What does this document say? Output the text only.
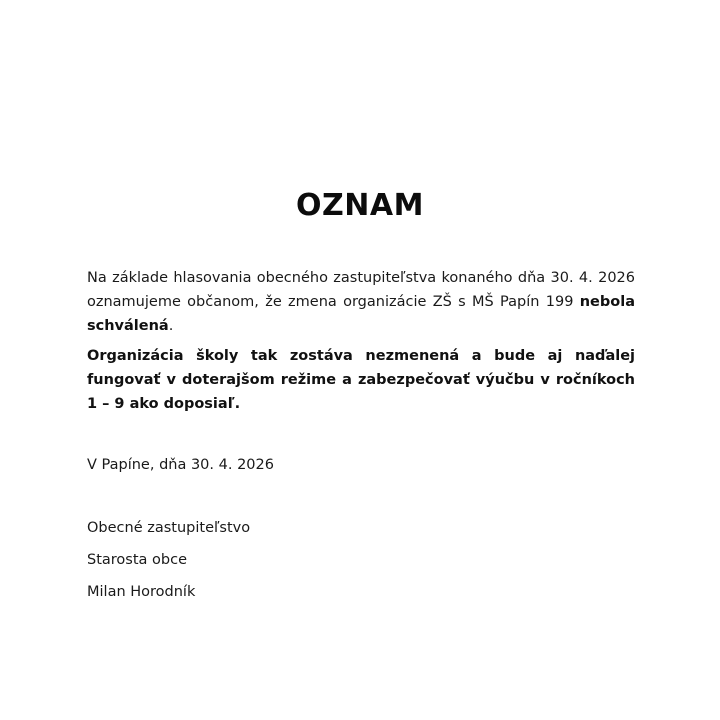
OZNAM

Na základe hlasovania obecného zastupiteľstva konaného dňa 30. 4. 2026 oznamujeme občanom, že zmena organizácie ZŠ s MŠ Papín 199 nebola schválená.

Organizácia školy tak zostáva nezmenená a bude aj naďalej fungovať v doterajšom režime a zabezpečovať výučbu v ročníkoch 1 – 9 ako doposiaľ.

V Papíne, dňa 30. 4. 2026
Obecné zastupiteľstvo
Starosta obce
Milan Horodník
